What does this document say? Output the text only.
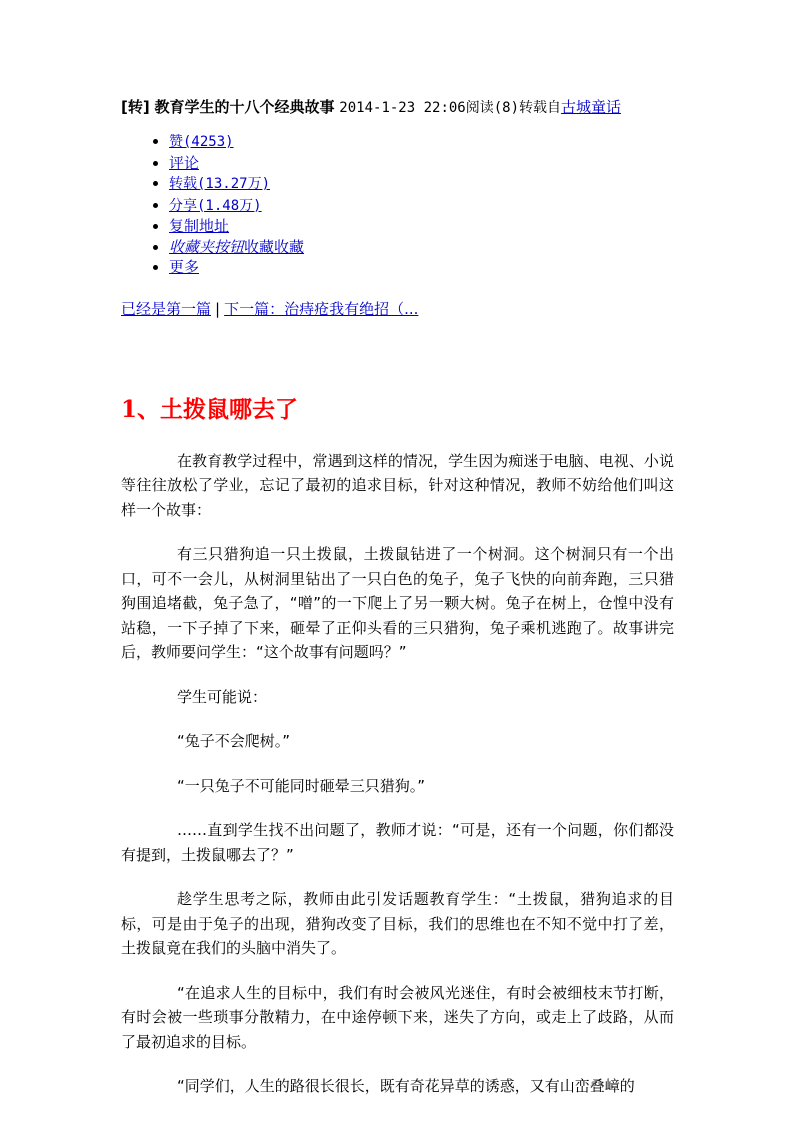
[转] 教育学生的十八个经典故事 2014-1-23 22:06阅读(8)转载自古城童话
• 赞(4253)
• 评论
• 转载(13.27万)
• 分享(1.48万)
• 复制地址
• 收藏夹按钮收藏收藏
• 更多
已经是第一篇 | 下一篇：治痔疮我有绝招（...
1、土拨鼠哪去了

在教育教学过程中，常遇到这样的情况，学生因为痴迷于电脑、电视、小说等往往放松了学业，忘记了最初的追求目标，针对这种情况，教师不妨给他们叫这样一个故事：

有三只猎狗追一只土拨鼠，土拨鼠钻进了一个树洞。这个树洞只有一个出口，可不一会儿，从树洞里钻出了一只白色的兔子，兔子飞快的向前奔跑，三只猎狗围追堵截，兔子急了，“噌”的一下爬上了另一颗大树。兔子在树上，仓惶中没有站稳，一下子掉了下来，砸晕了正仰头看的三只猎狗，兔子乘机逃跑了。故事讲完后，教师要问学生：“这个故事有问题吗？”

学生可能说：

“兔子不会爬树。”

“一只兔子不可能同时砸晕三只猎狗。”

……直到学生找不出问题了，教师才说：“可是，还有一个问题，你们都没有提到，土拨鼠哪去了？”

趁学生思考之际，教师由此引发话题教育学生：“土拨鼠，猎狗追求的目标，可是由于兔子的出现，猎狗改变了目标，我们的思维也在不知不觉中打了差，土拨鼠竟在我们的头脑中消失了。

“在追求人生的目标中，我们有时会被风光迷住，有时会被细枝末节打断，有时会被一些琐事分散精力，在中途停顿下来，迷失了方向，或走上了歧路，从而了最初追求的目标。

“同学们，人生的路很长很长，既有奇花异草的诱惑，又有山峦叠嶂的
